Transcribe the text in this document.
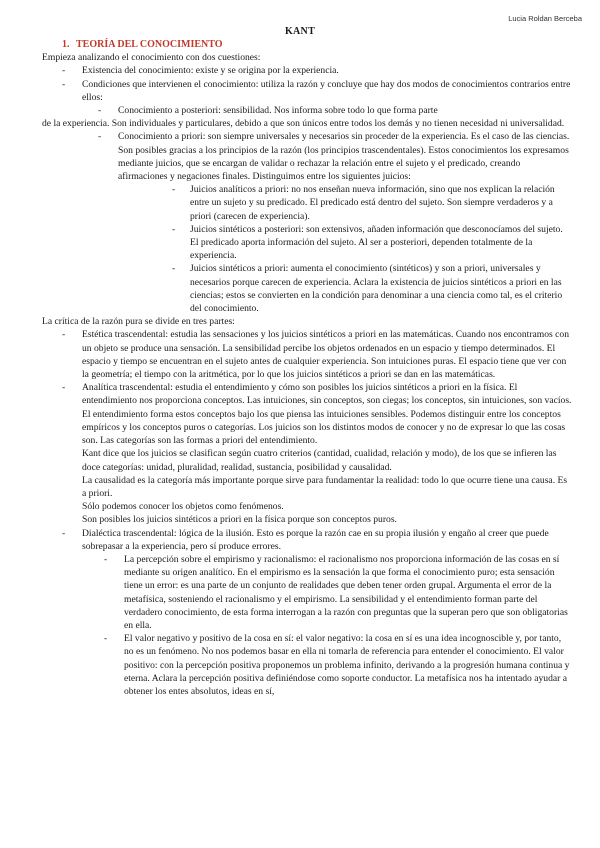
Lucia Roldan Berceba
KANT

1. TEORÍA DEL CONOCIMIENTO

Empieza analizando el conocimiento con dos cuestiones:

- Existencia del conocimiento: existe y se origina por la experiencia.

- Condiciones que intervienen el conocimiento: utiliza la razón y concluye que hay dos modos de conocimientos contrarios entre ellos:

- Conocimiento a posteriori: sensibilidad. Nos informa sobre todo lo que forma parte

de la experiencia. Son individuales y particulares, debido a que son únicos entre todos los demás y no tienen necesidad ni universalidad.

- Conocimiento a priori: son siempre universales y necesarios sin proceder de la experiencia. Es el caso de las ciencias. Son posibles gracias a los principios de la razón (los principios trascendentales). Estos conocimientos los expresamos mediante juicios, que se encargan de validar o rechazar la relación entre el sujeto y el predicado, creando afirmaciones y negaciones finales. Distinguimos entre los siguientes juicios:

- Juicios analíticos a priori: no nos enseñan nueva información, sino que nos explican la relación entre un sujeto y su predicado. El predicado está dentro del sujeto. Son siempre verdaderos y a priori (carecen de experiencia).

- Juicios sintéticos a posteriori: son extensivos, añaden información que desconocíamos del sujeto. El predicado aporta información del sujeto. Al ser a posteriori, dependen totalmente de la experiencia.

- Juicios sintéticos a priori: aumenta el conocimiento (sintéticos) y son a priori, universales y necesarios porque carecen de experiencia. Aclara la existencia de juicios sintéticos a priori en las ciencias; estos se convierten en la condición para denominar a una ciencia como tal, es el criterio del conocimiento.

La crítica de la razón pura se divide en tres partes:

- Estética trascendental: estudia las sensaciones y los juicios sintéticos a priori en las matemáticas. Cuando nos encontramos con un objeto se produce una sensación. La sensibilidad percibe los objetos ordenados en un espacio y tiempo determinados. El espacio y tiempo se encuentran en el sujeto antes de cualquier experiencia. Son intuiciones puras. El espacio tiene que ver con la geometría; el tiempo con la aritmética, por lo que los juicios sintéticos a priori se dan en las matemáticas.

- Analítica trascendental: estudia el entendimiento y cómo son posibles los juicios sintéticos a priori en la física. El entendimiento nos proporciona conceptos. Las intuiciones, sin conceptos, son ciegas; los conceptos, sin intuiciones, son vacíos. El entendimiento forma estos conceptos bajo los que piensa las intuiciones sensibles. Podemos distinguir entre los conceptos empíricos y los conceptos puros o categorías. Los juicios son los distintos modos de conocer y no de expresar lo que las cosas son. Las categorías son las formas a priori del entendimiento.

Kant dice que los juicios se clasifican según cuatro criterios (cantidad, cualidad, relación y modo), de los que se infieren las doce categorías: unidad, pluralidad, realidad, sustancia, posibilidad y causalidad.

La causalidad es la categoría más importante porque sirve para fundamentar la realidad: todo lo que ocurre tiene una causa. Es a priori.

Sólo podemos conocer los objetos como fenómenos.

Son posibles los juicios sintéticos a priori en la física porque son conceptos puros.

- Dialéctica trascendental: lógica de la ilusión. Esto es porque la razón cae en su propia ilusión y engaño al creer que puede sobrepasar a la experiencia, pero sí produce errores.

- La percepción sobre el empirismo y racionalismo: el racionalismo nos proporciona información de las cosas en sí mediante su origen analítico. En el empirismo es la sensación la que forma el conocimiento puro; esta sensación tiene un error: es una parte de un conjunto de realidades que deben tener orden grupal. Argumenta el error de la metafísica, sosteniendo el racionalismo y el empirismo. La sensibilidad y el entendimiento forman parte del verdadero conocimiento, de esta forma interrogan a la razón con preguntas que la superan pero que son obligatorias en ella.

- El valor negativo y positivo de la cosa en sí: el valor negativo: la cosa en sí es una idea incognoscible y, por tanto, no es un fenómeno. No nos podemos basar en ella ni tomarla de referencia para entender el conocimiento. El valor positivo: con la percepción positiva proponemos un problema infinito, derivando a la progresión humana continua y eterna. Aclara la percepción positiva definiéndose como soporte conductor. La metafísica nos ha intentado ayudar a obtener los entes absolutos, ideas en sí,
